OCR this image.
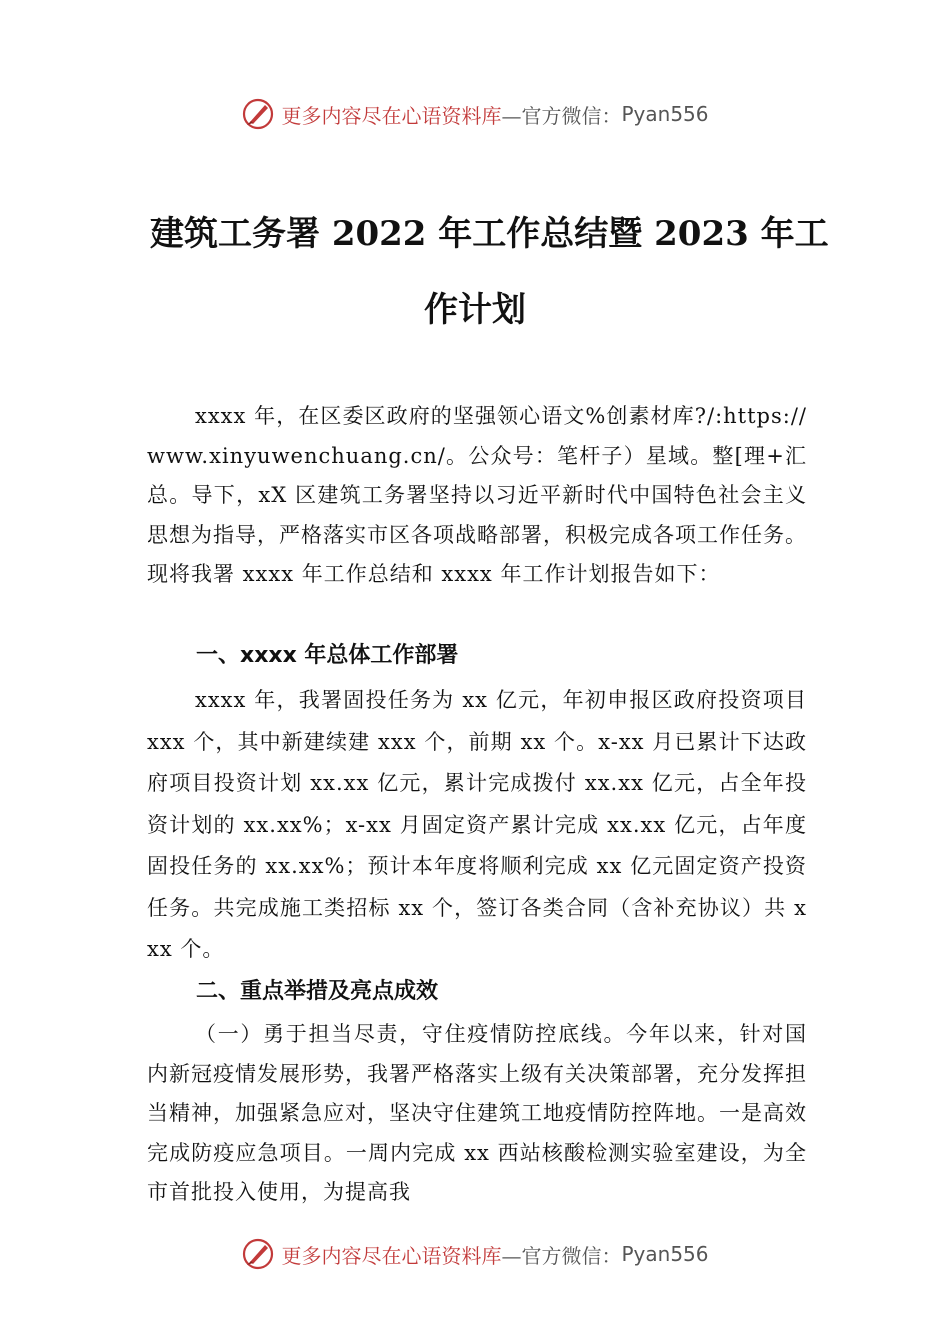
更多内容尽在心语资料库 —官方微信： Pyan556
建筑工务署 2022 年工作总结暨 2023 年工
作计划
xxxx 年，在区委区政府的坚强领心语文%创素材库?/:https://www.xinyuwenchuang.cn/。公众号：笔杆子）星域。整[理+汇总。导下，xX 区建筑工务署坚持以习近平新时代中国特色社会主义思想为指导，严格落实市区各项战略部署，积极完成各项工作任务。现将我署 xxxx 年工作总结和 xxxx 年工作计划报告如下：
一、xxxx 年总体工作部署
xxxx 年，我署固投任务为 xx 亿元，年初申报区政府投资项目 xxx 个，其中新建续建 xxx 个，前期 xx 个。x-xx 月已累计下达政府项目投资计划 xx.xx 亿元，累计完成拨付 xx.xx 亿元，占全年投资计划的 xx.xx%；x-xx 月固定资产累计完成 xx.xx 亿元，占年度固投任务的 xx.xx%；预计本年度将顺利完成 xx 亿元固定资产投资任务。共完成施工类招标 xx 个，签订各类合同（含补充协议）共 xxx 个。
二、重点举措及亮点成效
（一）勇于担当尽责，守住疫情防控底线。今年以来，针对国内新冠疫情发展形势，我署严格落实上级有关决策部署，充分发挥担当精神，加强紧急应对，坚决守住建筑工地疫情防控阵地。一是高效完成防疫应急项目。一周内完成 xx 西站核酸检测实验室建设，为全市首批投入使用，为提高我
更多内容尽在心语资料库 —官方微信： Pyan556
